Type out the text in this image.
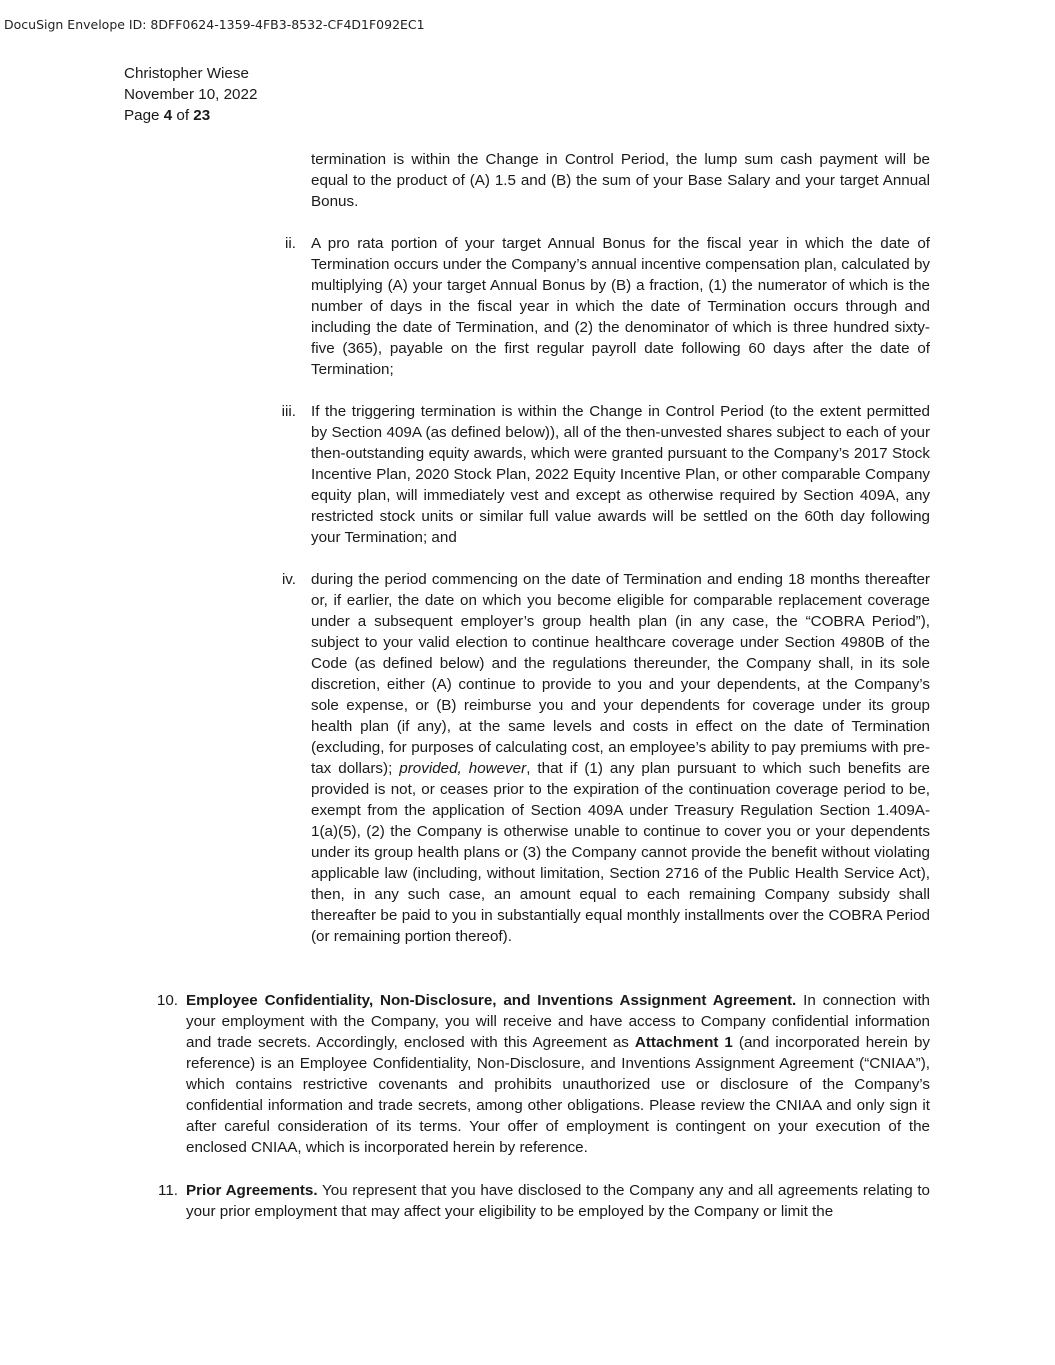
DocuSign Envelope ID: 8DFF0624-1359-4FB3-8532-CF4D1F092EC1
Christopher Wiese
November 10, 2022
Page 4 of 23
termination is within the Change in Control Period, the lump sum cash payment will be equal to the product of (A) 1.5 and (B) the sum of your Base Salary and your target Annual Bonus.
ii. A pro rata portion of your target Annual Bonus for the fiscal year in which the date of Termination occurs under the Company’s annual incentive compensation plan, calculated by multiplying (A) your target Annual Bonus by (B) a fraction, (1) the numerator of which is the number of days in the fiscal year in which the date of Termination occurs through and including the date of Termination, and (2) the denominator of which is three hundred sixty-five (365), payable on the first regular payroll date following 60 days after the date of Termination;
iii. If the triggering termination is within the Change in Control Period (to the extent permitted by Section 409A (as defined below)), all of the then-unvested shares subject to each of your then-outstanding equity awards, which were granted pursuant to the Company’s 2017 Stock Incentive Plan, 2020 Stock Plan, 2022 Equity Incentive Plan, or other comparable Company equity plan, will immediately vest and except as otherwise required by Section 409A, any restricted stock units or similar full value awards will be settled on the 60th day following your Termination; and
iv. during the period commencing on the date of Termination and ending 18 months thereafter or, if earlier, the date on which you become eligible for comparable replacement coverage under a subsequent employer’s group health plan (in any case, the “COBRA Period”), subject to your valid election to continue healthcare coverage under Section 4980B of the Code (as defined below) and the regulations thereunder, the Company shall, in its sole discretion, either (A) continue to provide to you and your dependents, at the Company’s sole expense, or (B) reimburse you and your dependents for coverage under its group health plan (if any), at the same levels and costs in effect on the date of Termination (excluding, for purposes of calculating cost, an employee’s ability to pay premiums with pre-tax dollars); provided, however, that if (1) any plan pursuant to which such benefits are provided is not, or ceases prior to the expiration of the continuation coverage period to be, exempt from the application of Section 409A under Treasury Regulation Section 1.409A-1(a)(5), (2) the Company is otherwise unable to continue to cover you or your dependents under its group health plans or (3) the Company cannot provide the benefit without violating applicable law (including, without limitation, Section 2716 of the Public Health Service Act), then, in any such case, an amount equal to each remaining Company subsidy shall thereafter be paid to you in substantially equal monthly installments over the COBRA Period (or remaining portion thereof).
10. Employee Confidentiality, Non-Disclosure, and Inventions Assignment Agreement. In connection with your employment with the Company, you will receive and have access to Company confidential information and trade secrets. Accordingly, enclosed with this Agreement as Attachment 1 (and incorporated herein by reference) is an Employee Confidentiality, Non-Disclosure, and Inventions Assignment Agreement (“CNIAA”), which contains restrictive covenants and prohibits unauthorized use or disclosure of the Company’s confidential information and trade secrets, among other obligations. Please review the CNIAA and only sign it after careful consideration of its terms. Your offer of employment is contingent on your execution of the enclosed CNIAA, which is incorporated herein by reference.
11. Prior Agreements. You represent that you have disclosed to the Company any and all agreements relating to your prior employment that may affect your eligibility to be employed by the Company or limit the
